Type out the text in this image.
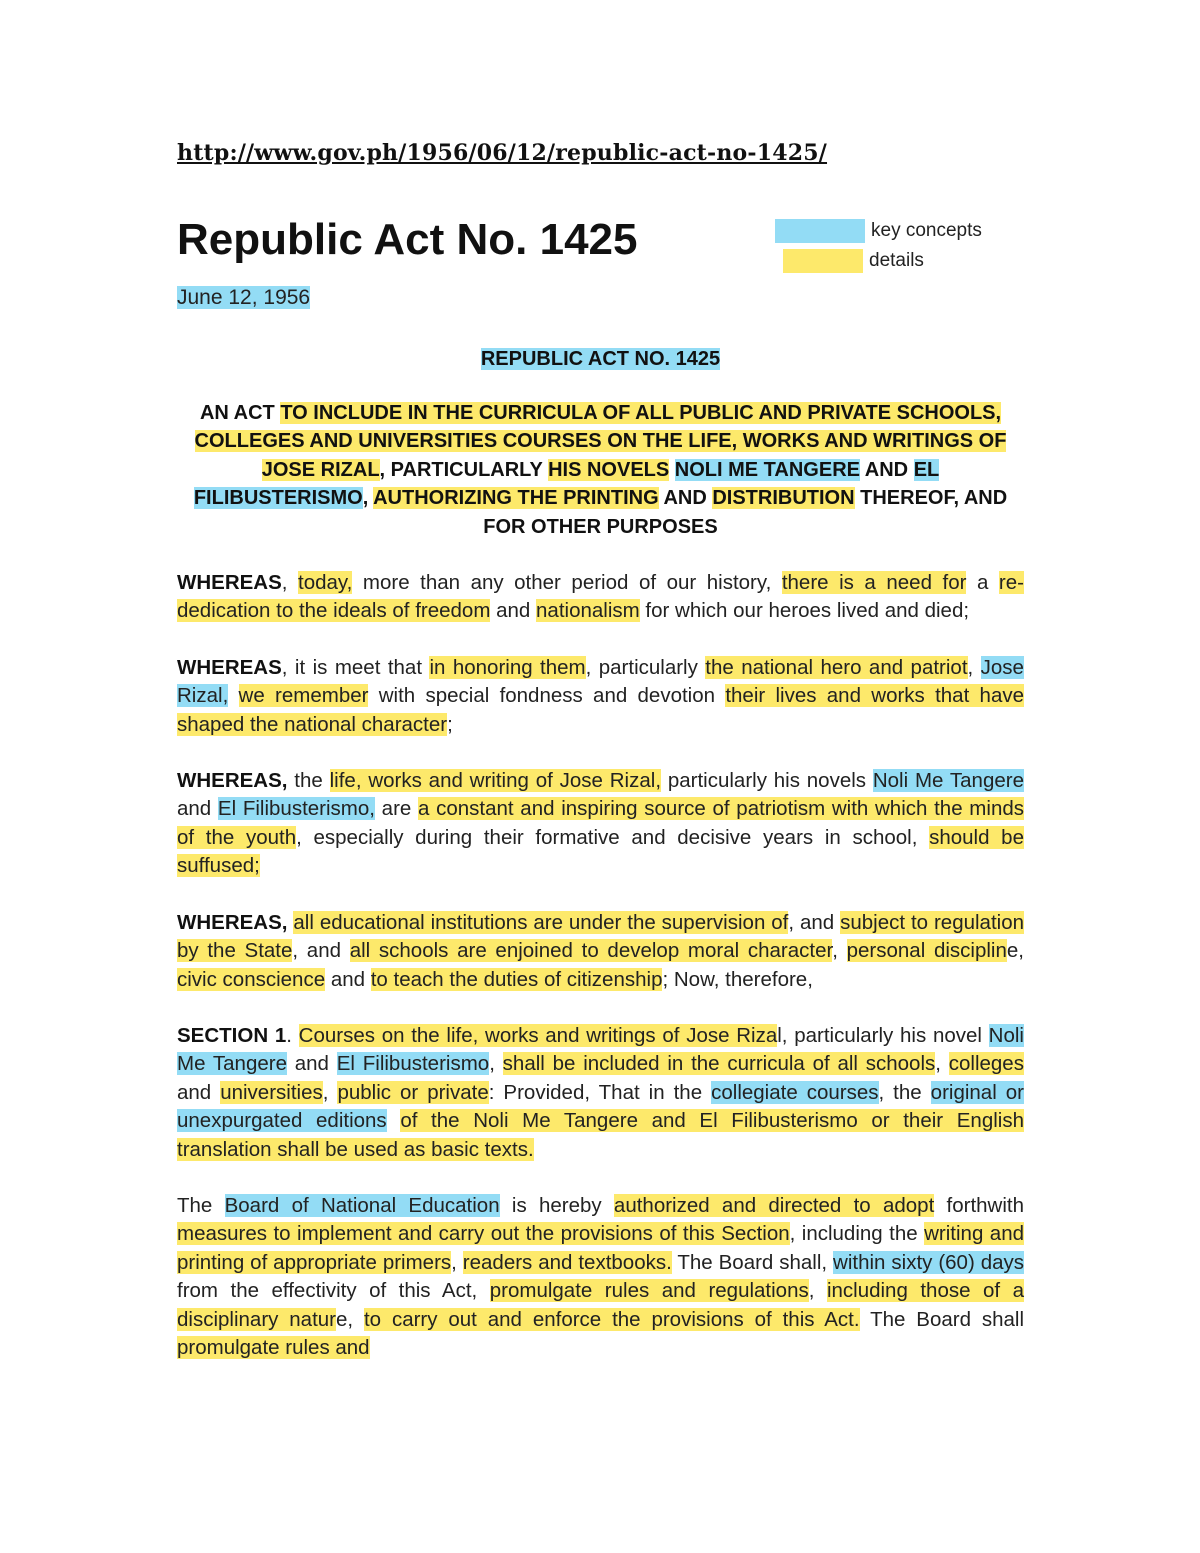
http://www.gov.ph/1956/06/12/republic-act-no-1425/
Republic Act No. 1425	key concepts
details
June 12, 1956
REPUBLIC ACT NO. 1425
AN ACT TO INCLUDE IN THE CURRICULA OF ALL PUBLIC AND PRIVATE SCHOOLS, COLLEGES AND UNIVERSITIES COURSES ON THE LIFE, WORKS AND WRITINGS OF JOSE RIZAL, PARTICULARLY HIS NOVELS NOLI ME TANGERE AND EL FILIBUSTERISMO, AUTHORIZING THE PRINTING AND DISTRIBUTION THEREOF, AND FOR OTHER PURPOSES

WHEREAS, today, more than any other period of our history, there is a need for a re-dedication to the ideals of freedom and nationalism for which our heroes lived and died;

WHEREAS, it is meet that in honoring them, particularly the national hero and patriot, Jose Rizal, we remember with special fondness and devotion their lives and works that have shaped the national character;

WHEREAS, the life, works and writing of Jose Rizal, particularly his novels Noli Me Tangere and El Filibusterismo, are a constant and inspiring source of patriotism with which the minds of the youth, especially during their formative and decisive years in school, should be suffused;

WHEREAS, all educational institutions are under the supervision of, and subject to regulation by the State, and all schools are enjoined to develop moral character, personal discipline, civic conscience and to teach the duties of citizenship; Now, therefore,

SECTION 1. Courses on the life, works and writings of Jose Rizal, particularly his novel Noli Me Tangere and El Filibusterismo, shall be included in the curricula of all schools, colleges and universities, public or private: Provided, That in the collegiate courses, the original or unexpurgated editions of the Noli Me Tangere and El Filibusterismo or their English translation shall be used as basic texts.

The Board of National Education is hereby authorized and directed to adopt forthwith measures to implement and carry out the provisions of this Section, including the writing and printing of appropriate primers, readers and textbooks. The Board shall, within sixty (60) days from the effectivity of this Act, promulgate rules and regulations, including those of a disciplinary nature, to carry out and enforce the provisions of this Act. The Board shall promulgate rules and
